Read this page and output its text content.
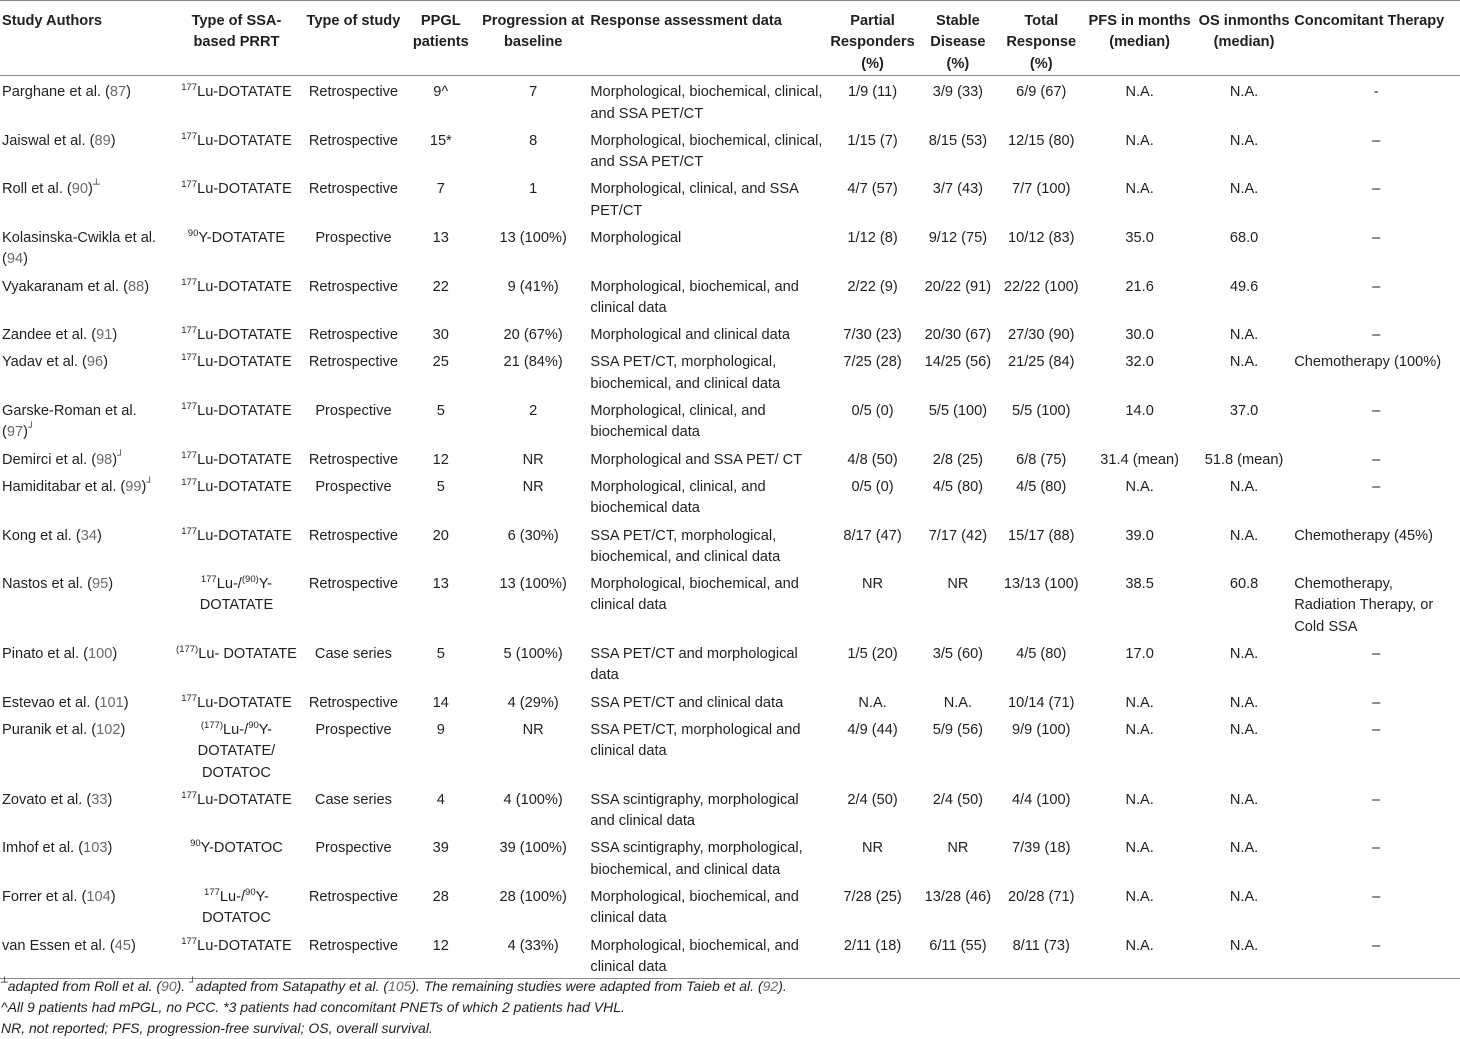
Study Authors	Type of SSA-based PRRT	Type of study	PPGL patients	Progression at baseline	Response assessment data	Partial Responders (%)	Stable Disease (%)	Total Response (%)	PFS in months (median)	OS inmonths (median)	Concomitant Therapy
Parghane et al. (87)	$^{177}$Lu-DOTATATE	Retrospective	9^	7	Morphological, biochemical, clinical, and SSA PET/CT	1/9 (11)	3/9 (33)	6/9 (67)	N.A.	N.A.	-
Jaiswal et al. (89)	$^{177}$Lu-DOTATATE	Retrospective	15*	8	Morphological, biochemical, clinical, and SSA PET/CT	1/15 (7)	8/15 (53)	12/15 (80)	N.A.	N.A.	–
Roll et al. (90)┴	$^{177}$Lu-DOTATATE	Retrospective	7	1	Morphological, clinical, and SSA PET/CT	4/7 (57)	3/7 (43)	7/7 (100)	N.A.	N.A.	–
Kolasinska-Cwikla et al. (94)	$^{90}$Y-DOTATATE	Prospective	13	13 (100%)	Morphological	1/12 (8)	9/12 (75)	10/12 (83)	35.0	68.0	–
Vyakaranam et al. (88)	$^{177}$Lu-DOTATATE	Retrospective	22	9 (41%)	Morphological, biochemical, and clinical data	2/22 (9)	20/22 (91)	22/22 (100)	21.6	49.6	–
Zandee et al. (91)	$^{177}$Lu-DOTATATE	Retrospective	30	20 (67%)	Morphological and clinical data	7/30 (23)	20/30 (67)	27/30 (90)	30.0	N.A.	–
Yadav et al. (96)	$^{177}$Lu-DOTATATE	Retrospective	25	21 (84%)	SSA PET/CT, morphological, biochemical, and clinical data	7/25 (28)	14/25 (56)	21/25 (84)	32.0	N.A.	Chemotherapy (100%)
Garske-Roman et al. (97)┘	$^{177}$Lu-DOTATATE	Prospective	5	2	Morphological, clinical, and biochemical data	0/5 (0)	5/5 (100)	5/5 (100)	14.0	37.0	–
Demirci et al. (98)┘	$^{177}$Lu-DOTATATE	Retrospective	12	NR	Morphological and SSA PET/ CT	4/8 (50)	2/8 (25)	6/8 (75)	31.4 (mean)	51.8 (mean)	–
Hamiditabar et al. (99)┘	$^{177}$Lu-DOTATATE	Prospective	5	NR	Morphological, clinical, and biochemical data	0/5 (0)	4/5 (80)	4/5 (80)	N.A.	N.A.	–
Kong et al. (34)	$^{177}$Lu-DOTATATE	Retrospective	20	6 (30%)	SSA PET/CT, morphological, biochemical, and clinical data	8/17 (47)	7/17 (42)	15/17 (88)	39.0	N.A.	Chemotherapy (45%)
Nastos et al. (95)	$^{177}$Lu-/$^{(90)}$Y- DOTATATE	Retrospective	13	13 (100%)	Morphological, biochemical, and clinical data	NR	NR	13/13 (100)	38.5	60.8	Chemotherapy, Radiation Therapy, or Cold SSA
Pinato et al. (100)	$^{(177)}$Lu- DOTATATE	Case series	5	5 (100%)	SSA PET/CT and morphological data	1/5 (20)	3/5 (60)	4/5 (80)	17.0	N.A.	–
Estevao et al. (101)	$^{177}$Lu-DOTATATE	Retrospective	14	4 (29%)	SSA PET/CT and clinical data	N.A.	N.A.	10/14 (71)	N.A.	N.A.	–
Puranik et al. (102)	$^{(177)}$Lu-/$^{90}$Y- DOTATATE/ DOTATOC	Prospective	9	NR	SSA PET/CT, morphological and clinical data	4/9 (44)	5/9 (56)	9/9 (100)	N.A.	N.A.	–
Zovato et al. (33)	$^{177}$Lu-DOTATATE	Case series	4	4 (100%)	SSA scintigraphy, morphological and clinical data	2/4 (50)	2/4 (50)	4/4 (100)	N.A.	N.A.	–
Imhof et al. (103)	$^{90}$Y-DOTATOC	Prospective	39	39 (100%)	SSA scintigraphy, morphological, biochemical, and clinical data	NR	NR	7/39 (18)	N.A.	N.A.	–
Forrer et al. (104)	$^{177}$Lu-/$^{90}$Y- DOTATOC	Retrospective	28	28 (100%)	Morphological, biochemical, and clinical data	7/28 (25)	13/28 (46)	20/28 (71)	N.A.	N.A.	–
van Essen et al. (45)	$^{177}$Lu-DOTATATE	Retrospective	12	4 (33%)	Morphological, biochemical, and clinical data	2/11 (18)	6/11 (55)	8/11 (73)	N.A.	N.A.	–
┴adapted from Roll et al. (90). ┘adapted from Satapathy et al. (105). The remaining studies were adapted from Taieb et al. (92).
^All 9 patients had mPGL, no PCC. *3 patients had concomitant PNETs of which 2 patients had VHL.
NR, not reported; PFS, progression-free survival; OS, overall survival.
